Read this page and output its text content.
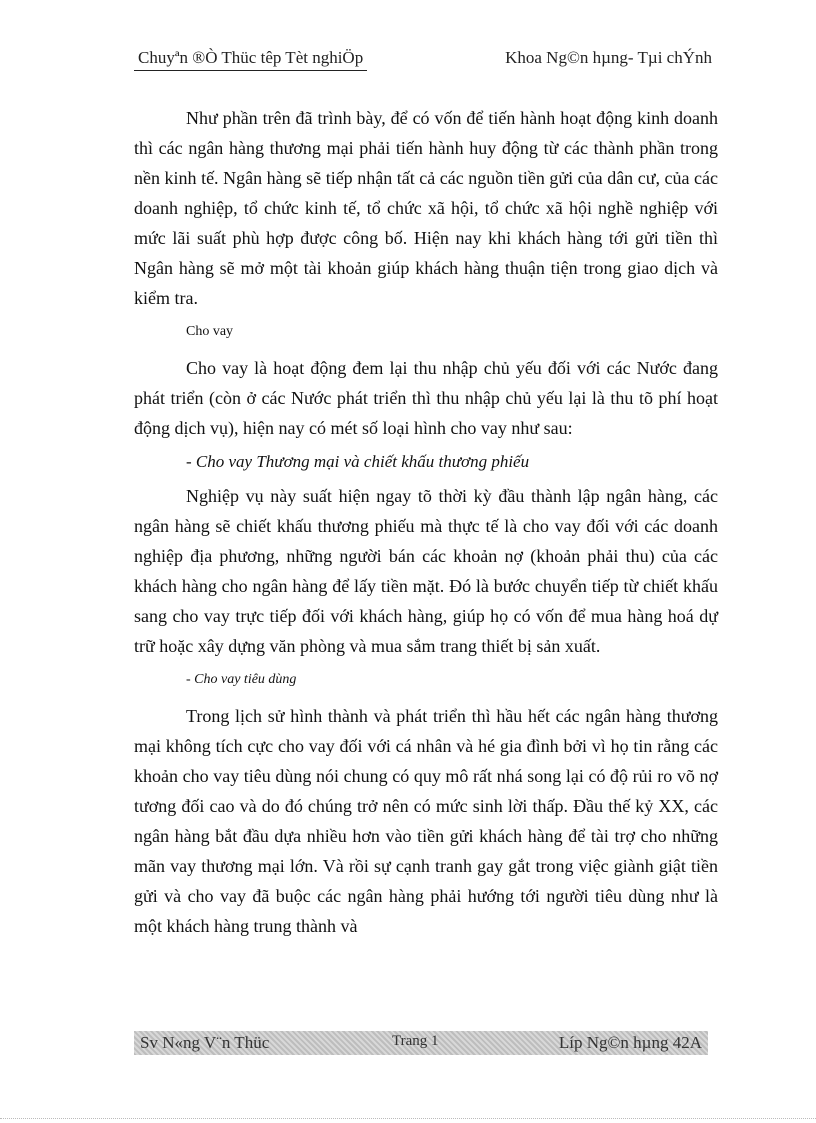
Chuyªn ®Ò Thüc têp Tèt nghiÖp	Khoa Ng©n hµng- Tµi chÝnh

Như phần trên đã trình bày, để có vốn để tiến hành hoạt động kinh doanh thì các ngân hàng thương mại phải tiến hành huy động từ các thành phần trong nền kinh tế. Ngân hàng sẽ tiếp nhận tất cả các nguồn tiền gửi của dân cư, của các doanh nghiệp, tổ chức kinh tế, tổ chức xã hội, tổ chức xã hội nghề nghiệp với mức lãi suất phù hợp được công bố. Hiện nay khi khách hàng tới gửi tiền thì Ngân hàng sẽ mở một tài khoản giúp khách hàng thuận tiện trong giao dịch và kiểm tra.

Cho vay

Cho vay là hoạt động đem lại thu nhập chủ yếu đối với các Nước đang phát triển (còn ở các Nước phát triển thì thu nhập chủ yếu lại là thu tõ phí hoạt động dịch vụ), hiện nay có mét số loại hình cho vay như sau:

- Cho vay Thương mại và chiết khấu thương phiếu

Nghiệp vụ này suất hiện ngay tõ thời kỳ đầu thành lập ngân hàng, các ngân hàng sẽ chiết khấu thương phiếu mà thực tế là cho vay đối với các doanh nghiệp địa phương, những người bán các khoản nợ (khoản phải thu) của các khách hàng cho ngân hàng để lấy tiền mặt. Đó là bước chuyển tiếp từ chiết khấu sang cho vay trực tiếp đối với khách hàng, giúp họ có vốn để mua hàng hoá dự trữ hoặc xây dựng văn phòng và mua sắm trang thiết bị sản xuất.

- Cho vay tiêu dùng

Trong lịch sử hình thành và phát triển thì hầu hết các ngân hàng thương mại không tích cực cho vay đối với cá nhân và hé gia đình bởi vì họ tin rằng các khoản cho vay tiêu dùng nói chung có quy mô rất nhá song lại có độ rủi ro võ nợ tương đối cao và do đó chúng trở nên có mức sinh lời thấp. Đầu thế kỷ XX, các ngân hàng bắt đầu dựa nhiều hơn vào tiền gửi khách hàng để tài trợ cho những mãn vay thương mại lớn. Và rồi sự cạnh tranh gay gắt trong việc giành giật tiền gửi và cho vay đã buộc các ngân hàng phải hướng tới người tiêu dùng như là một khách hàng trung thành và

Sv N«ng V¨n Thüc	Trang 1	Líp Ng©n hµng 42A
